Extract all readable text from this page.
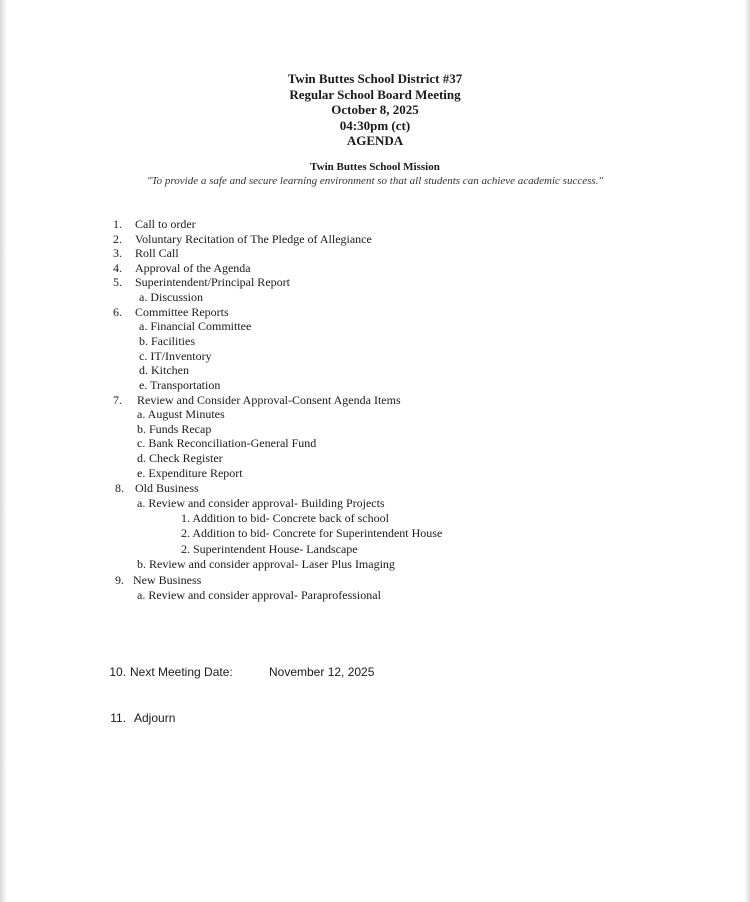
Twin Buttes School District #37
Regular School Board Meeting
October 8, 2025
04:30pm (ct)
AGENDA
Twin Buttes School Mission
"To provide a safe and secure learning environment so that all students can achieve academic success."
1. Call to order
2. Voluntary Recitation of The Pledge of Allegiance
3. Roll Call
4. Approval of the Agenda
5. Superintendent/Principal Report
a. Discussion
6. Committee Reports
a. Financial Committee
b. Facilities
c. IT/Inventory
d. Kitchen
e. Transportation
7. Review and Consider Approval-Consent Agenda Items
a. August Minutes
b. Funds Recap
c. Bank Reconciliation-General Fund
d. Check Register
e. Expenditure Report
8. Old Business
a. Review and consider approval- Building Projects
1. Addition to bid- Concrete back of school
2. Addition to bid- Concrete for Superintendent House
2. Superintendent House- Landscape
b. Review and consider approval- Laser Plus Imaging
9. New Business
a. Review and consider approval- Paraprofessional
10. Next Meeting Date:	November 12, 2025
11. Adjourn
